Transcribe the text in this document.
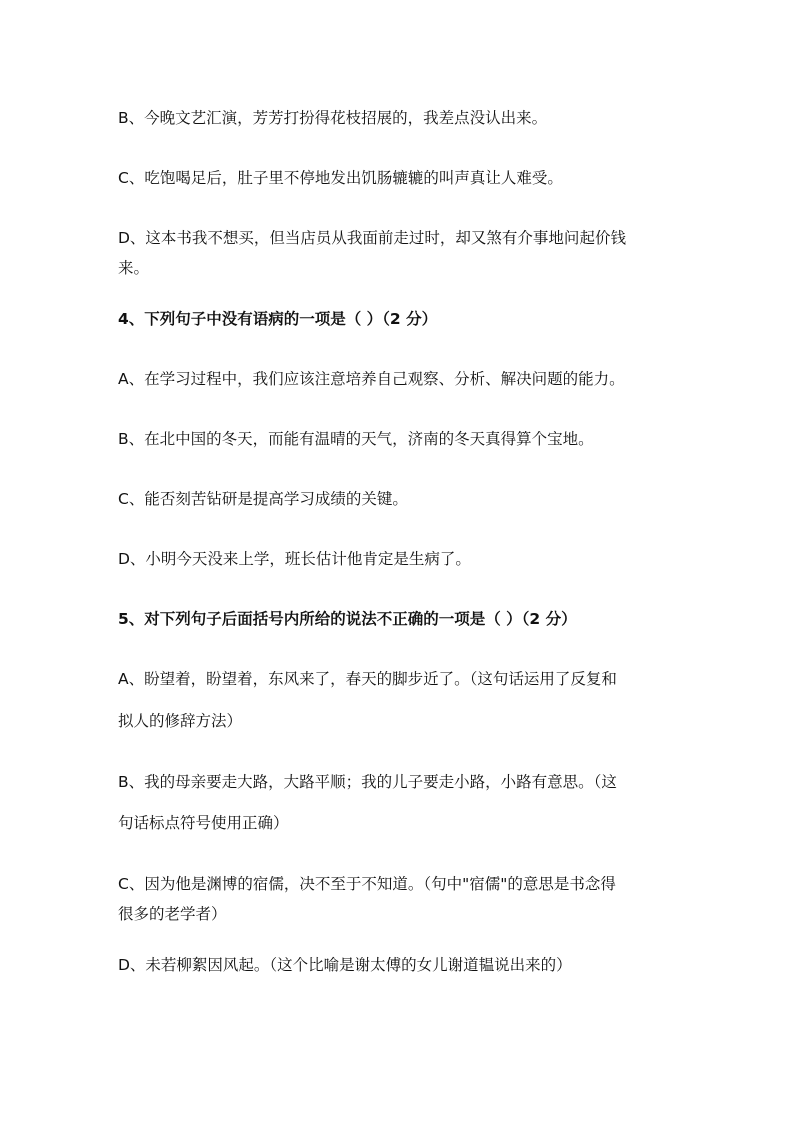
B、今晚文艺汇演，芳芳打扮得花枝招展的，我差点没认出来。
C、吃饱喝足后，肚子里不停地发出饥肠辘辘的叫声真让人难受。
D、这本书我不想买，但当店员从我面前走过时，却又煞有介事地问起价钱
来。
4、下列句子中没有语病的一项是（ ）（2 分）
A、在学习过程中，我们应该注意培养自己观察、分析、解决问题的能力。
B、在北中国的冬天，而能有温晴的天气，济南的冬天真得算个宝地。
C、能否刻苦钻研是提高学习成绩的关键。
D、小明今天没来上学，班长估计他肯定是生病了。
5、对下列句子后面括号内所给的说法不正确的一项是（ ）（2 分）
A、盼望着，盼望着，东风来了，春天的脚步近了。（这句话运用了反复和
拟人的修辞方法）
B、我的母亲要走大路，大路平顺；我的儿子要走小路，小路有意思。（这
句话标点符号使用正确）
C、因为他是渊博的宿儒，决不至于不知道。（句中"宿儒"的意思是书念得
很多的老学者）
D、未若柳絮因风起。（这个比喻是谢太傅的女儿谢道韫说出来的）
